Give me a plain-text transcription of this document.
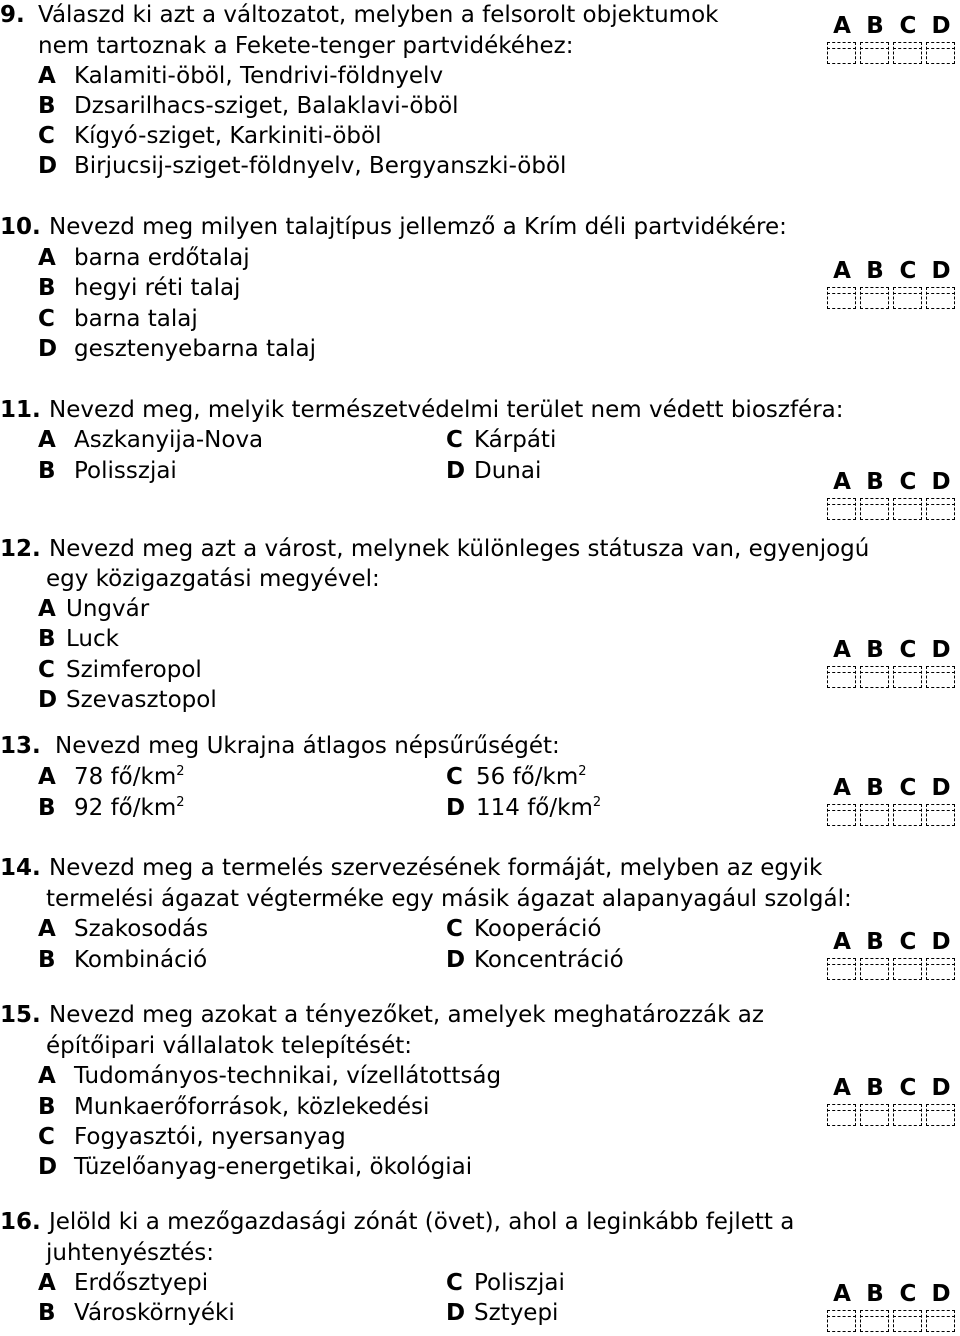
9. Válaszd ki azt a változatot, melyben a felsorolt objektumok
nem tartoznak a Fekete-tenger partvidékéhez:
A Kalamiti-öböl, Tendrivi-földnyelv
B Dzsarilhacs-sziget, Balaklavi-öböl
C Kígyó-sziget, Karkiniti-öböl
D Birjucsij-sziget-földnyelv, Bergyanszki-öböl
A B C D
10. Nevezd meg milyen talajtípus jellemző a Krím déli partvidékére:
A barna erdőtalaj
B hegyi réti talaj
C barna talaj
D gesztenyebarna talaj
A B C D
11. Nevezd meg, melyik természetvédelmi terület nem védett bioszféra:
A Aszkanyija-Nova	C Kárpáti
B Polisszjai	D Dunai	A B C D
12. Nevezd meg azt a várost, melynek különleges státusza van, egyenjogú
egy közigazgatási megyével:
A Ungvár
B Luck
C Szimferopol
D Szevasztopol
A B C D
13. Nevezd meg Ukrajna átlagos népsűrűségét:
A 78 $fő/km^2$	C 56 $fő/km^2$
B 92 $fő/km^2$	D 114 $fő/km^2$
A B C D
14. Nevezd meg a termelés szervezésének formáját, melyben az egyik
termelési ágazat végterméke egy másik ágazat alapanyagául szolgál:
A Szakosodás	C Kooperáció
B Kombináció	D Koncentráció
A B C D
15. Nevezd meg azokat a tényezőket, amelyek meghatározzák az
építőipari vállalatok telepítését:
A Tudományos-technikai, vízellátottság
B Munkaerőforrások, közlekedési
C Fogyasztói, nyersanyag
D Tüzelőanyag-energetikai, ökológiai
A B C D
16. Jelöld ki a mezőgazdasági zónát (övet), ahol a leginkább fejlett a
juhtenyésztés:
A Erdősztyepi	C Poliszjai
B Városkörnyéki	D Sztyepi
A B C D
